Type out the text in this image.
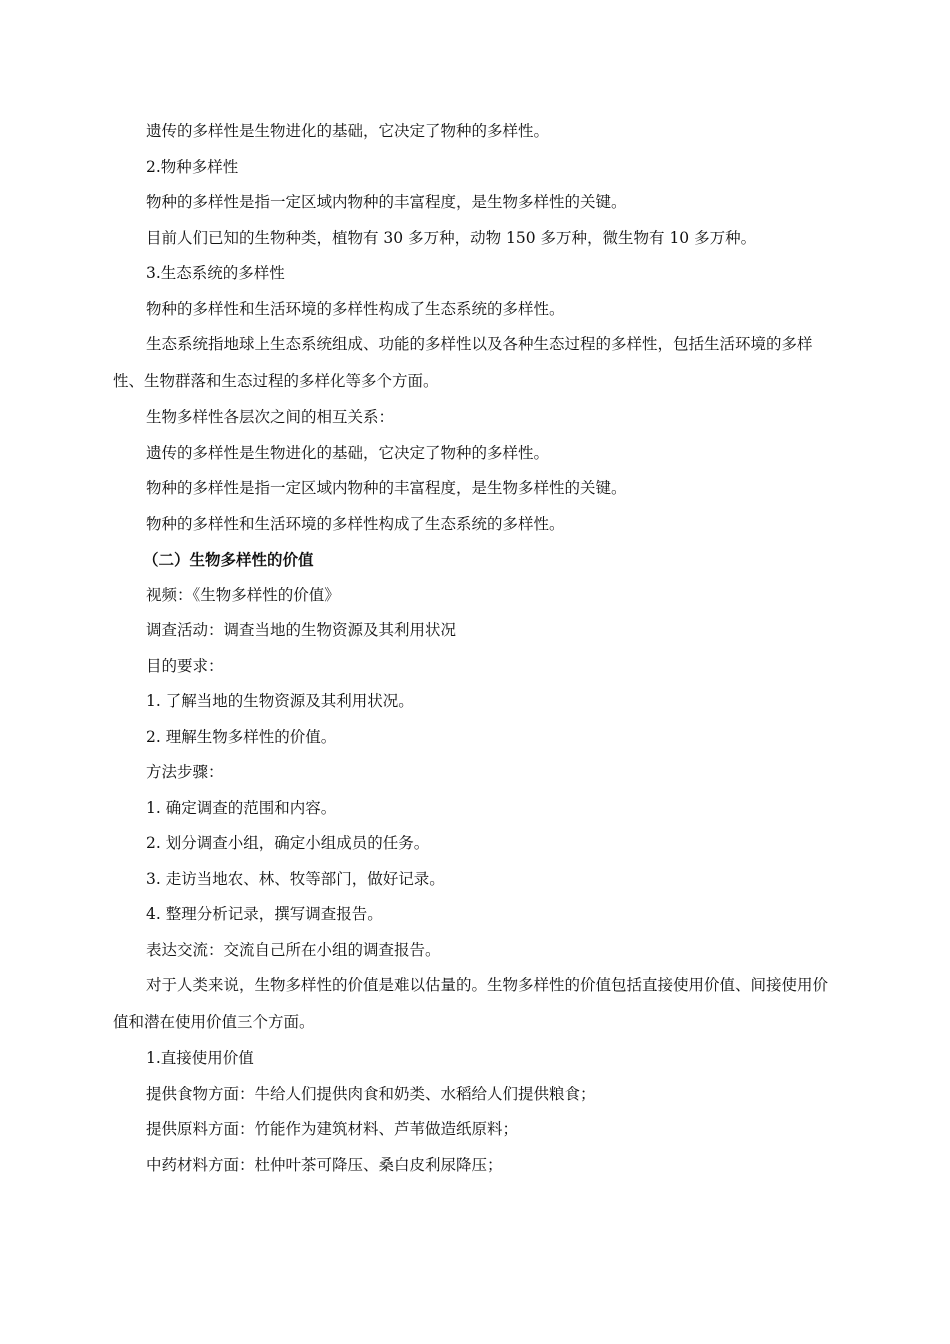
遗传的多样性是生物进化的基础，它决定了物种的多样性。

2.物种多样性

物种的多样性是指一定区域内物种的丰富程度，是生物多样性的关键。

目前人们已知的生物种类，植物有 30 多万种，动物 150 多万种，微生物有 10 多万种。

3.生态系统的多样性

物种的多样性和生活环境的多样性构成了生态系统的多样性。

生态系统指地球上生态系统组成、功能的多样性以及各种生态过程的多样性，包括生活环境的多样性、生物群落和生态过程的多样化等多个方面。

生物多样性各层次之间的相互关系：

遗传的多样性是生物进化的基础，它决定了物种的多样性。

物种的多样性是指一定区域内物种的丰富程度，是生物多样性的关键。

物种的多样性和生活环境的多样性构成了生态系统的多样性。

（二）生物多样性的价值

视频：《生物多样性的价值》

调查活动：调查当地的生物资源及其利用状况

目的要求：

1. 了解当地的生物资源及其利用状况。

2. 理解生物多样性的价值。

方法步骤：

1. 确定调查的范围和内容。

2. 划分调查小组，确定小组成员的任务。

3. 走访当地农、林、牧等部门，做好记录。

4. 整理分析记录，撰写调查报告。

表达交流：交流自己所在小组的调查报告。

对于人类来说，生物多样性的价值是难以估量的。生物多样性的价值包括直接使用价值、间接使用价值和潜在使用价值三个方面。

1.直接使用价值

提供食物方面：牛给人们提供肉食和奶类、水稻给人们提供粮食；

提供原料方面：竹能作为建筑材料、芦苇做造纸原料；

中药材料方面：杜仲叶茶可降压、桑白皮利尿降压；
